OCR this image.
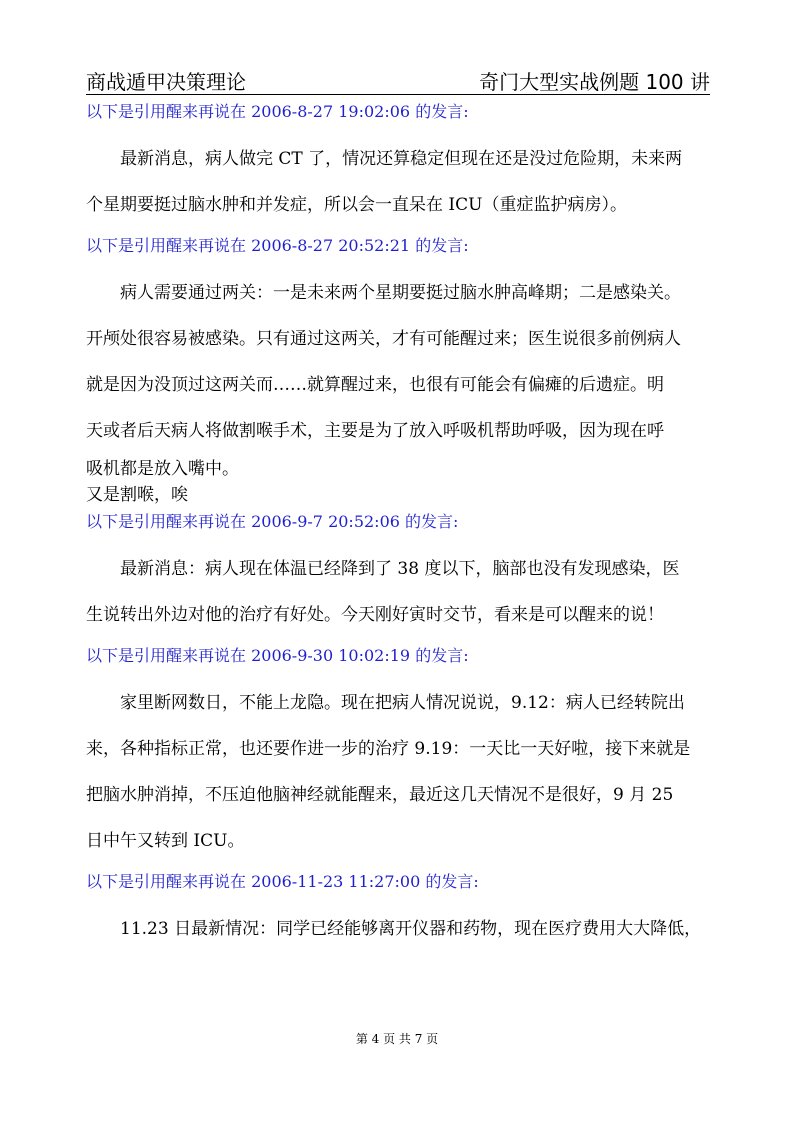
商战遁甲决策理论	奇门大型实战例题 100 讲

以下是引用醒来再说在 2006-8-27 19:02:06 的发言:

最新消息，病人做完 CT 了，情况还算稳定但现在还是没过危险期，未来两

个星期要挺过脑水肿和并发症，所以会一直呆在 ICU（重症监护病房）。

以下是引用醒来再说在 2006-8-27 20:52:21 的发言:

病人需要通过两关：一是未来两个星期要挺过脑水肿高峰期；二是感染关。

开颅处很容易被感染。只有通过这两关，才有可能醒过来；医生说很多前例病人

就是因为没顶过这两关而……就算醒过来，也很有可能会有偏瘫的后遗症。明

天或者后天病人将做割喉手术，主要是为了放入呼吸机帮助呼吸，因为现在呼

吸机都是放入嘴中。

又是割喉，唉

以下是引用醒来再说在 2006-9-7 20:52:06 的发言:

最新消息：病人现在体温已经降到了 38 度以下，脑部也没有发现感染，医

生说转出外边对他的治疗有好处。今天刚好寅时交节，看来是可以醒来的说！

以下是引用醒来再说在 2006-9-30 10:02:19 的发言:

家里断网数日，不能上龙隐。现在把病人情况说说，9.12：病人已经转院出

来，各种指标正常，也还要作进一步的治疗 9.19：一天比一天好啦，接下来就是

把脑水肿消掉，不压迫他脑神经就能醒来，最近这几天情况不是很好，9 月 25

日中午又转到 ICU。

以下是引用醒来再说在 2006-11-23 11:27:00 的发言:

11.23 日最新情况：同学已经能够离开仪器和药物，现在医疗费用大大降低，

第 4 页 共 7 页
